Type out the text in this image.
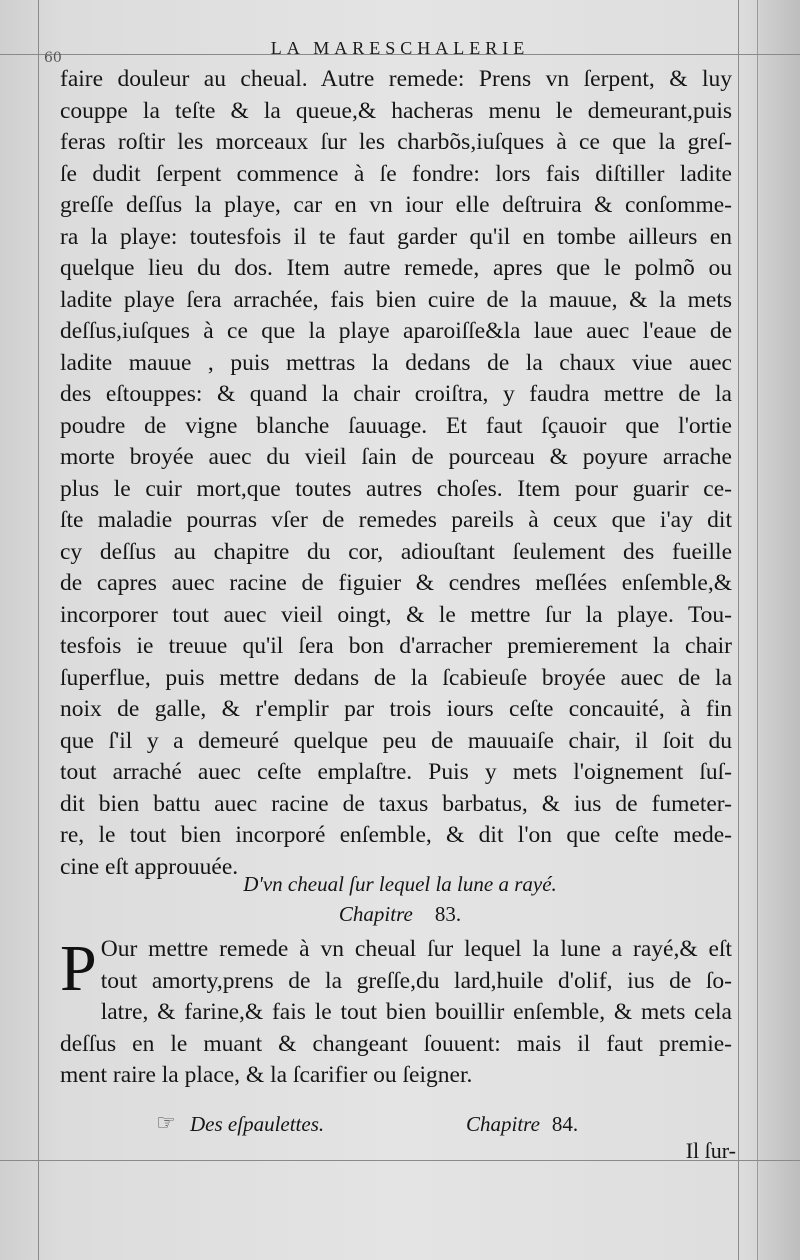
60	LA MARESCHALERIE
faire douleur au cheual. Autre remede: Prens vn ſerpent, & luy
couppe la teſte & la queue,& hacheras menu le demeurant,puis
feras roſtir les morceaux ſur les charbõs,iuſques à ce que la greſ-
ſe dudit ſerpent commence à ſe fondre: lors fais diſtiller ladite
greſſe deſſus la playe, car en vn iour elle deſtruira & conſomme-
ra la playe: toutesfois il te faut garder qu'il en tombe ailleurs en
quelque lieu du dos. Item autre remede, apres que le polmõ ou
ladite playe ſera arrachée, fais bien cuire de la mauue, & la mets
deſſus,iuſques à ce que la playe aparoiſſe&la laue auec l'eaue de
ladite mauue , puis mettras la dedans de la chaux viue auec
des eſtouppes: & quand la chair croiſtra, y faudra mettre de la
poudre de vigne blanche ſauuage. Et faut ſçauoir que l'ortie
morte broyée auec du vieil ſain de pourceau & poyure arrache
plus le cuir mort,que toutes autres choſes. Item pour guarir ce-
ſte maladie pourras vſer de remedes pareils à ceux que i'ay dit
cy deſſus au chapitre du cor, adiouſtant ſeulement des fueille
de capres auec racine de figuier & cendres meſlées enſemble,&
incorporer tout auec vieil oingt, & le mettre ſur la playe. Tou-
tesfois ie treuue qu'il ſera bon d'arracher premierement la chair
ſuperflue, puis mettre dedans de la ſcabieuſe broyée auec de la
noix de galle, & r'emplir par trois iours ceſte concauité, à fin
que ſ'il y a demeuré quelque peu de mauuaiſe chair, il ſoit du
tout arraché auec ceſte emplaſtre. Puis y mets l'oignement ſuſ-
dit bien battu auec racine de taxus barbatus, & ius de fumeter-
re, le tout bien incorporé enſemble, & dit l'on que ceſte mede-
cine eſt approuuée.
D'vn cheual ſur lequel la lune a rayé.
Chapitre 83.
P Our mettre remede à vn cheual ſur lequel la lune a rayé,& eſt
tout amorty,prens de la greſſe,du lard,huile d'olif, ius de ſo-
latre, & farine,& fais le tout bien bouillir enſemble, & mets cela
deſſus en le muant & changeant ſouuent: mais il faut premie-
ment raire la place, & la ſcarifier ou ſeigner.
☞ Des eſpaulettes.	Chapitre 84.
Il ſur-
